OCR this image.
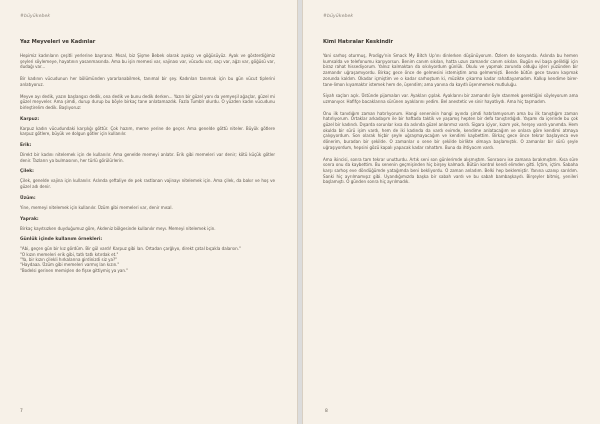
#büyükebek
Yaz Meyveleri ve Kadınlar

Hepimiz kadınların çeşitli yerlerine bayranız. Mısal, biz Şişme Bebek olarak ayakçı ve göğüsüyüz. Ayak ve gösterdiğimiz şeyleri söylemeye, hayatının yasanmasında. Ama bu işin memesi var, vajinası var, vücudu var, saçı var, ağzı var, göğüsü var, dudağı var...

Bir kadının vücudunun her bölümünden yararlanabilmek, tanımal bir şey. Kadınları tanımak için bu gün vücut tiplerini anlatıyoruz.

Meyve ayı dedik, yazın başlangıcı dedik, ona dedik ve bunu dedik derken... Yazın bir güzel yanı da yemyeşil ağaçlar, güzel mi güzel meyveler. Ama şimdi, durup durup bu böyle birkaç tane anlatamazdık. Fazla Tumblr olurdu. O yüzden kadın vücudunu birleştirelim dedik. Başlıyoruz:

Karpuz:

Karpuz kadın vücudundaki karşılığı göttür. Çok hazım, meme yerine de geçer. Ama genelde göttü niteler. Büyük götlere karpuz götlere, büyük ve dolgun götler için kullanılır.

Erik:

Direkt bir kadını nitelemek için de kullanılır. Ama genelde memeyi anlatır. Erik gibi memeleri var denir; kötü küçük götler denir. Tazların ya bulmasının, her türlü görülürlerin.

Çilek:

Çilek, genelde vajina için kullanılır. Aslında şeftaliye de pek rastlanan vajinayı nitelemek için. Ama çilek, da bakır ve hoş ve güzel adı denir.

Üzüm:

Yine, memeyi nitelemek için kullanılır. Üzüm gibi memeleri var, denir mısal.

Yaprak:

Birkaç kayıtsızken duyduğumuz göre, Akdeniz bölgesinde kullanılır meyı. Memeyi nitelemek için.

Günlük içinde kullanım örnekleri:
"Abi, geçen gün bir kız gördüm. Bir gül vardı! Karpuz gibi lan. Ortadan çarğlıyo, direkt çatal bıçakla dalarsın."
"O kızın memeleri erik gibi, tatlı tatlı kıtırdak et."
"Ya, bir kızın çilekli hırkalarına girdinizdi siz ya?"
"Haydaaa. Üzüm gibi memeleri varmış lan kızın."
"Bodelsi gerinen memişlen de fişse gittiymiş ya yan."
7
#büyükebek
Kimi Hatıralar Keskindir

Yani sarhoş oturmuş, Prodigy'nin Smack My Bitch Up'ını dinlerken düşünüyorum. Özlem de konyanda. Aslında bu hemen kumsalda ve telefonumu karşıyorsun. Benim canım sıkılan, hatta uzun zamandır canım sıkılan. Bugün evi başa gelildiği için biraz rahat hissediyorum. Yalnız kalmaktan da sıkılıyordum günlük. Okulu ve yapmak zorunda olduğu işleri yüzünden bir zamandır uğraşamıyordu. Birkaç gece önce de gelmesini istemiştim ama gelmemişti. Bende bütün gece tavanı kaşımak zorunda kaldım. Okadar içmiştim ve o kadar sarhoştum ki, müzikte çıkarma kadar rahatlayamadım. Kalkıp kendime birer-tane-limon kıyamaktır istemek hem de, üşendim; ama yanına da kayıtlı üşenmemek mutluluğu.

Siyah saçları açık. Üstünde pijamaları var. Ayakları çıplak. Ayaklarını bir zamandır öyle stanmek gerektiğini söyleyorum ama uzmanıyor. Hafifçe bacaklarına sürünen ayaklarını yedim. Bel anestetic ve sinir hayatlıydı. Ama hiç taşmadım.

Onu ilk tanıdığım zaman hatırlıyorum. Hangi seneninin hangi ayında şimdi hatırlamıyorum ama bu ilk tanıştığım zaman hatırlıyorum. Ortaklar arkadaşım ile bir haftada taktik ve yaşamış hepten bir defa tanıştırdığıdı. Yaşamı da içerinde bu çok güzel bir kadındı. Dışarda sorunlar kısa da aslında güzel anlarımız vardı. Sigara içiyor, kızım yok, herşey vardı yanımda. Hem okulda bir sürü işim vardı, hem de iki kadında da vardı evimde, kendime anlatacağım ve onlara göre kendimi atmaya çalışıyordum. Son olarak hiçbir şeyle uğraşmayacağım ve kendimi kaybettim. Birkaç gece önce tekrar başlayınca eve dönerim, buradan bir şekilde. O zamanlar o sene bir şekilde birlikte olmaya başlamıştık. O zamanlar bir sürü şeyle uğraşıyordum, hepsini gözü kapalı yapacak kadar rahattım. Buna da ihtiyacım vardı.

Ama ikincisi, sonra tam tekrar unutturdu. Artık seni son günlerimde alışmıştım. Sonrasını ise zamana bırakmıştım. Kısa süre sonra onu da kaybettim. Bu senenin geçmişinden hiç birşey kalmadı. Bütün kontrol kendi elimden gitti. İçtim, içtim. Sabaha karşı sarhoş eve döndüğümde yatağımda beni bekliyordu. O zaman anladım. Belki hep beklemiştir. Yanına uzanıp sarıldım. Sanki hiç ayrılmamışız gibi. Uyandığımızda başka bir sabah vardı ve bu sabah bambaşkaydı. Birşeyler bitmiş, yenileri başlamıştı. O günden sonra hiç ayrılmadık.

8
